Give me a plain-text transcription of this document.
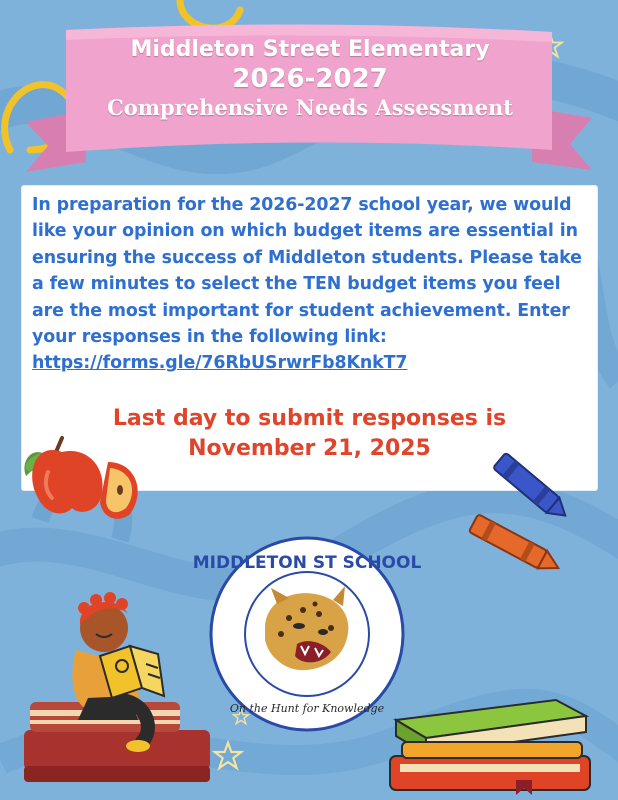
Middleton Street Elementary
2026-2027
Comprehensive Needs Assessment
In preparation for the 2026-2027 school year, we would like your opinion on which budget items are essential in ensuring the success of Middleton students. Please take a few minutes to select the TEN budget items you feel are the most important for student achievement. Enter your responses in the following link: https://forms.gle/76RbUSrwrFb8KnkT7
Last day to submit responses is
November 21, 2025
MIDDLETON ST SCHOOL
On the Hunt for Knowledge
